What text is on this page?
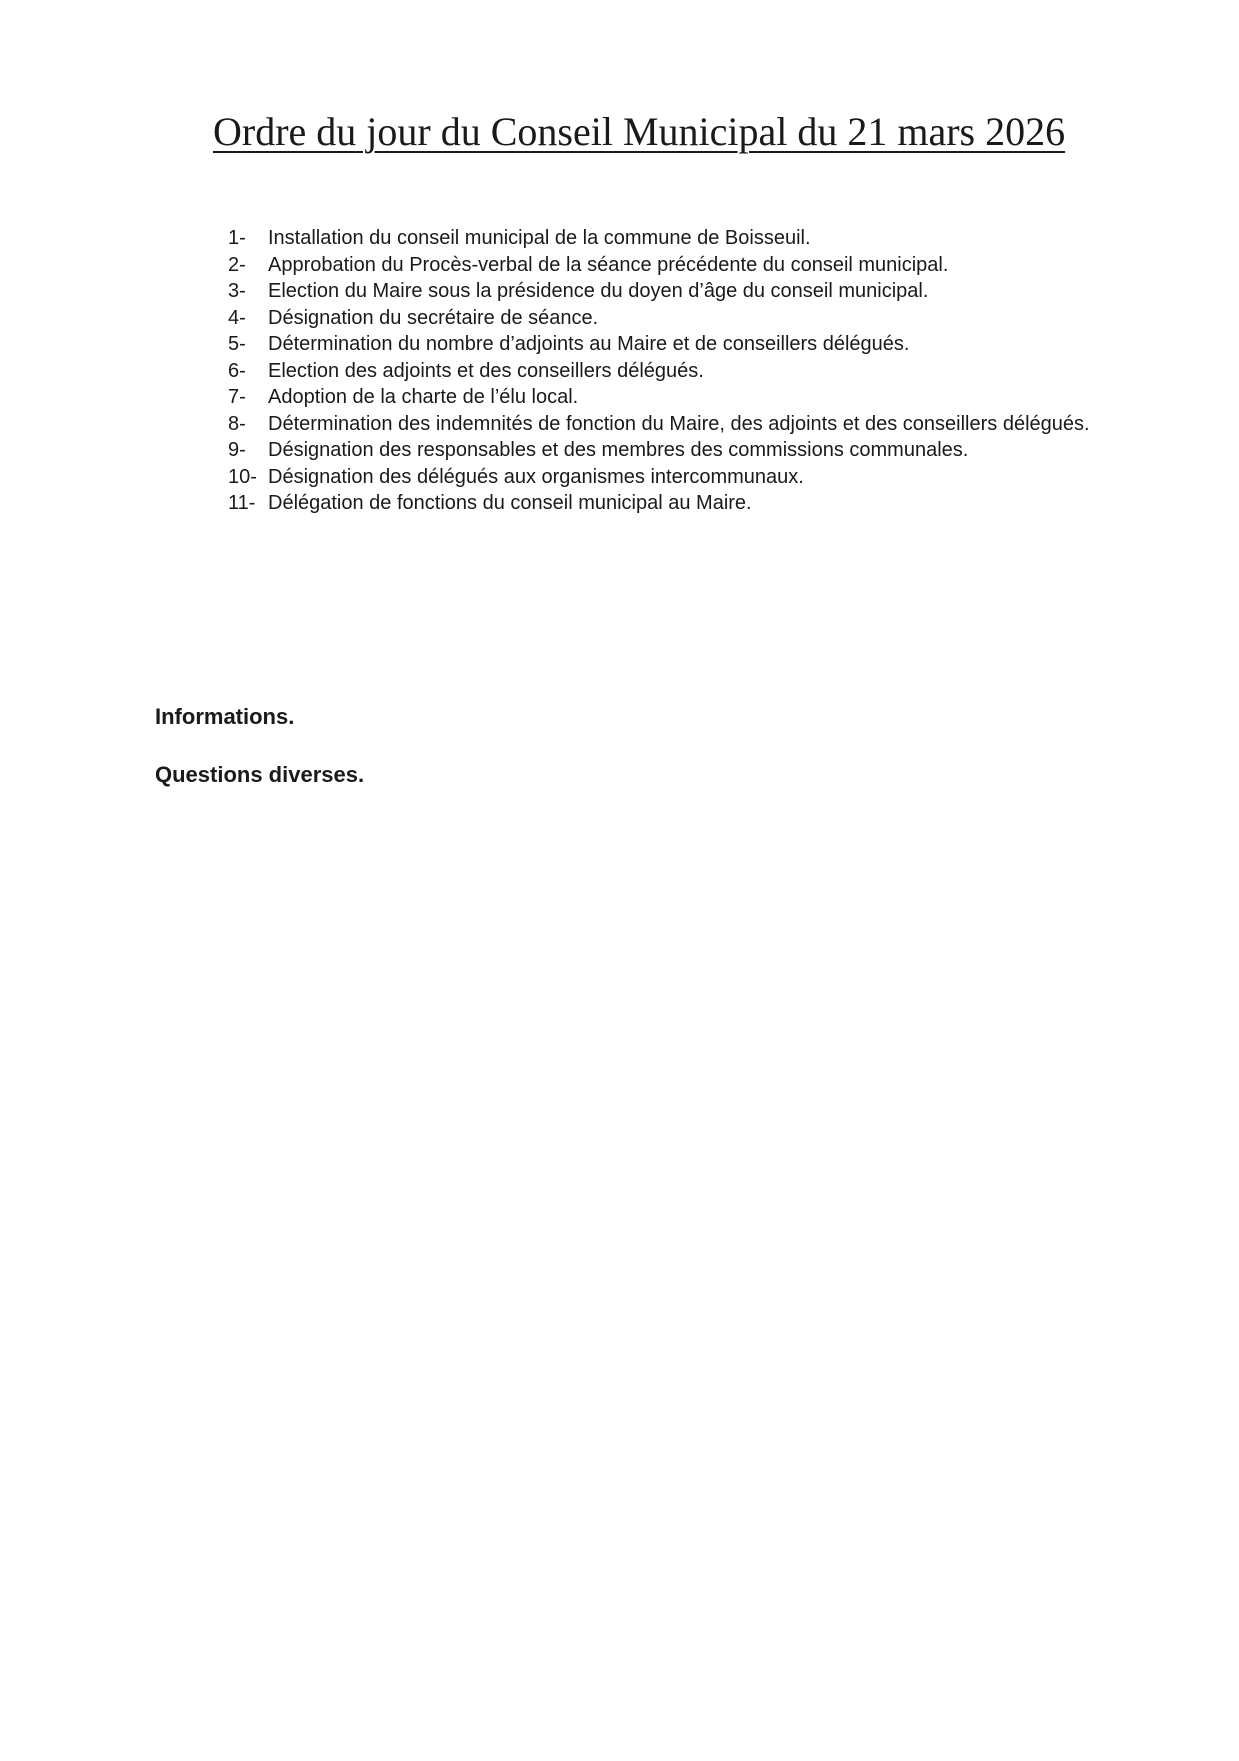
Ordre du jour du Conseil Municipal du 21 mars 2026
1-	Installation du conseil municipal de la commune de Boisseuil.
2-	Approbation du Procès-verbal de la séance précédente du conseil municipal.
3-	Election du Maire sous la présidence du doyen d’âge du conseil municipal.
4-	Désignation du secrétaire de séance.
5-	Détermination du nombre d’adjoints au Maire et de conseillers délégués.
6-	Election des adjoints et des conseillers délégués.
7-	Adoption de la charte de l’élu local.
8-	Détermination des indemnités de fonction du Maire, des adjoints et des conseillers délégués.
9-	Désignation des responsables et des membres des commissions communales.
10- Désignation des délégués aux organismes intercommunaux.
11- Délégation de fonctions du conseil municipal au Maire.

Informations.

Questions diverses.
